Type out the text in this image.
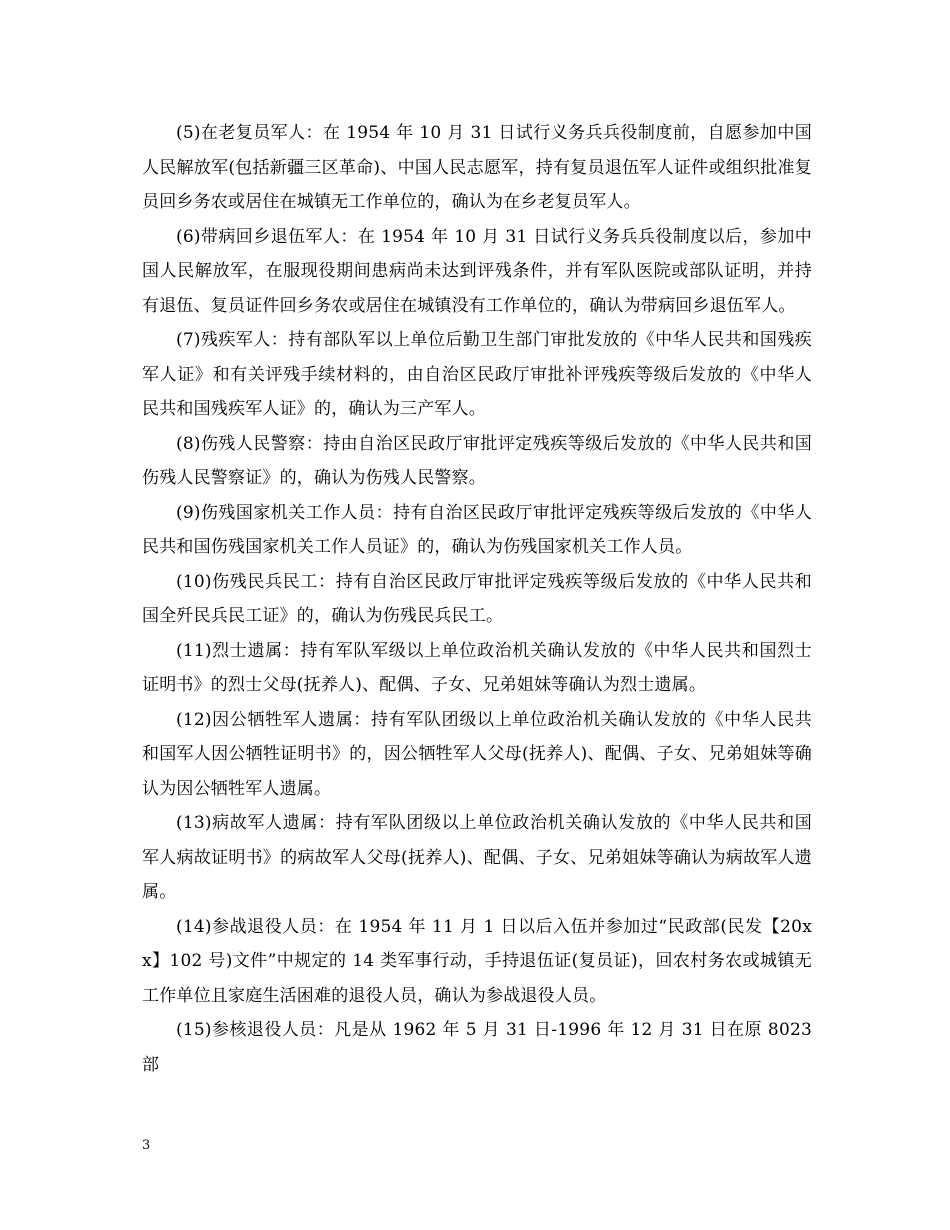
(5)在老复员军人：在 1954 年 10 月 31 日试行义务兵兵役制度前，自愿参加中国人民解放军(包括新疆三区革命)、中国人民志愿军，持有复员退伍军人证件或组织批准复员回乡务农或居住在城镇无工作单位的，确认为在乡老复员军人。

(6)带病回乡退伍军人：在 1954 年 10 月 31 日试行义务兵兵役制度以后，参加中国人民解放军，在服现役期间患病尚未达到评残条件，并有军队医院或部队证明，并持有退伍、复员证件回乡务农或居住在城镇没有工作单位的，确认为带病回乡退伍军人。

(7)残疾军人：持有部队军以上单位后勤卫生部门审批发放的《中华人民共和国残疾军人证》和有关评残手续材料的，由自治区民政厅审批补评残疾等级后发放的《中华人民共和国残疾军人证》的，确认为三产军人。

(8)伤残人民警察：持由自治区民政厅审批评定残疾等级后发放的《中华人民共和国伤残人民警察证》的，确认为伤残人民警察。

(9)伤残国家机关工作人员：持有自治区民政厅审批评定残疾等级后发放的《中华人民共和国伤残国家机关工作人员证》的，确认为伤残国家机关工作人员。

(10)伤残民兵民工：持有自治区民政厅审批评定残疾等级后发放的《中华人民共和国全歼民兵民工证》的，确认为伤残民兵民工。

(11)烈士遗属：持有军队军级以上单位政治机关确认发放的《中华人民共和国烈士证明书》的烈士父母(抚养人)、配偶、子女、兄弟姐妹等确认为烈士遗属。

(12)因公牺牲军人遗属：持有军队团级以上单位政治机关确认发放的《中华人民共和国军人因公牺牲证明书》的，因公牺牲军人父母(抚养人)、配偶、子女、兄弟姐妹等确认为因公牺牲军人遗属。

(13)病故军人遗属：持有军队团级以上单位政治机关确认发放的《中华人民共和国军人病故证明书》的病故军人父母(抚养人)、配偶、子女、兄弟姐妹等确认为病故军人遗属。

(14)参战退役人员：在 1954 年 11 月 1 日以后入伍并参加过“民政部(民发【20xx】102 号)文件”中规定的 14 类军事行动，手持退伍证(复员证)，回农村务农或城镇无工作单位且家庭生活困难的退役人员，确认为参战退役人员。

(15)参核退役人员：凡是从 1962 年 5 月 31 日-1996 年 12 月 31 日在原 8023 部

3
